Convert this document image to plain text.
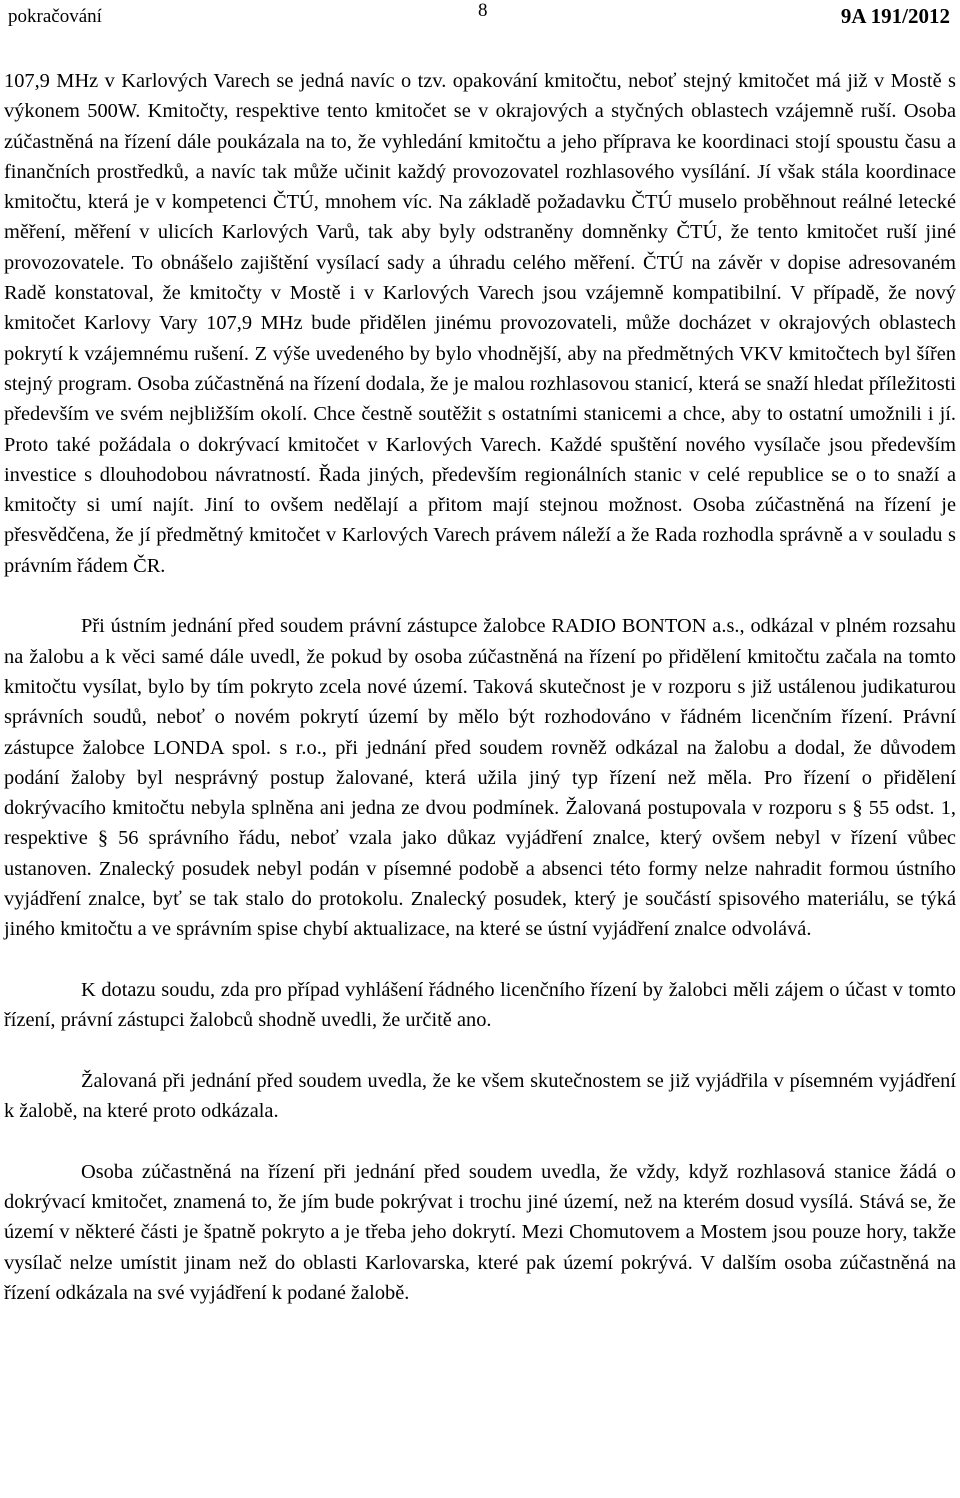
pokračování	8	9A 191/2012

107,9 MHz v Karlových Varech se jedná navíc o tzv. opakování kmitočtu, neboť stejný kmitočet má již v Mostě s výkonem 500W. Kmitočty, respektive tento kmitočet se v okrajových a styčných oblastech vzájemně ruší. Osoba zúčastněná na řízení dále poukázala na to, že vyhledání kmitočtu a jeho příprava ke koordinaci stojí spoustu času a finančních prostředků, a navíc tak může učinit každý provozovatel rozhlasového vysílání. Jí však stála koordinace kmitočtu, která je v kompetenci ČTÚ, mnohem víc. Na základě požadavku ČTÚ muselo proběhnout reálné letecké měření, měření v ulicích Karlových Varů, tak aby byly odstraněny domněnky ČTÚ, že tento kmitočet ruší jiné provozovatele. To obnášelo zajištění vysílací sady a úhradu celého měření. ČTÚ na závěr v dopise adresovaném Radě konstatoval, že kmitočty v Mostě i v Karlových Varech jsou vzájemně kompatibilní. V případě, že nový kmitočet Karlovy Vary 107,9 MHz bude přidělen jinému provozovateli, může docházet v okrajových oblastech pokrytí k vzájemnému rušení. Z výše uvedeného by bylo vhodnější, aby na předmětných VKV kmitočtech byl šířen stejný program. Osoba zúčastněná na řízení dodala, že je malou rozhlasovou stanicí, která se snaží hledat příležitosti především ve svém nejbližším okolí. Chce čestně soutěžit s ostatními stanicemi a chce, aby to ostatní umožnili i jí. Proto také požádala o dokrývací kmitočet v Karlových Varech. Každé spuštění nového vysílače jsou především investice s dlouhodobou návratností. Řada jiných, především regionálních stanic v celé republice se o to snaží a kmitočty si umí najít. Jiní to ovšem nedělají a přitom mají stejnou možnost. Osoba zúčastněná na řízení je přesvědčena, že jí předmětný kmitočet v Karlových Varech právem náleží a že Rada rozhodla správně a v souladu s právním řádem ČR.

Při ústním jednání před soudem právní zástupce žalobce RADIO BONTON a.s., odkázal v plném rozsahu na žalobu a k věci samé dále uvedl, že pokud by osoba zúčastněná na řízení po přidělení kmitočtu začala na tomto kmitočtu vysílat, bylo by tím pokryto zcela nové území. Taková skutečnost je v rozporu s již ustálenou judikaturou správních soudů, neboť o novém pokrytí území by mělo být rozhodováno v řádném licenčním řízení. Právní zástupce žalobce LONDA spol. s r.o., při jednání před soudem rovněž odkázal na žalobu a dodal, že důvodem podání žaloby byl nesprávný postup žalované, která užila jiný typ řízení než měla. Pro řízení o přidělení dokrývacího kmitočtu nebyla splněna ani jedna ze dvou podmínek. Žalovaná postupovala v rozporu s § 55 odst. 1, respektive § 56 správního řádu, neboť vzala jako důkaz vyjádření znalce, který ovšem nebyl v řízení vůbec ustanoven. Znalecký posudek nebyl podán v písemné podobě a absenci této formy nelze nahradit formou ústního vyjádření znalce, byť se tak stalo do protokolu. Znalecký posudek, který je součástí spisového materiálu, se týká jiného kmitočtu a ve správním spise chybí aktualizace, na které se ústní vyjádření znalce odvolává.

K dotazu soudu, zda pro případ vyhlášení řádného licenčního řízení by žalobci měli zájem o účast v tomto řízení, právní zástupci žalobců shodně uvedli, že určitě ano.

Žalovaná při jednání před soudem uvedla, že ke všem skutečnostem se již vyjádřila v písemném vyjádření k žalobě, na které proto odkázala.

Osoba zúčastněná na řízení při jednání před soudem uvedla, že vždy, když rozhlasová stanice žádá o dokrývací kmitočet, znamená to, že jím bude pokrývat i trochu jiné území, než na kterém dosud vysílá. Stává se, že území v některé části je špatně pokryto a je třeba jeho dokrytí. Mezi Chomutovem a Mostem jsou pouze hory, takže vysílač nelze umístit jinam než do oblasti Karlovarska, které pak území pokrývá. V dalším osoba zúčastněná na řízení odkázala na své vyjádření k podané žalobě.
